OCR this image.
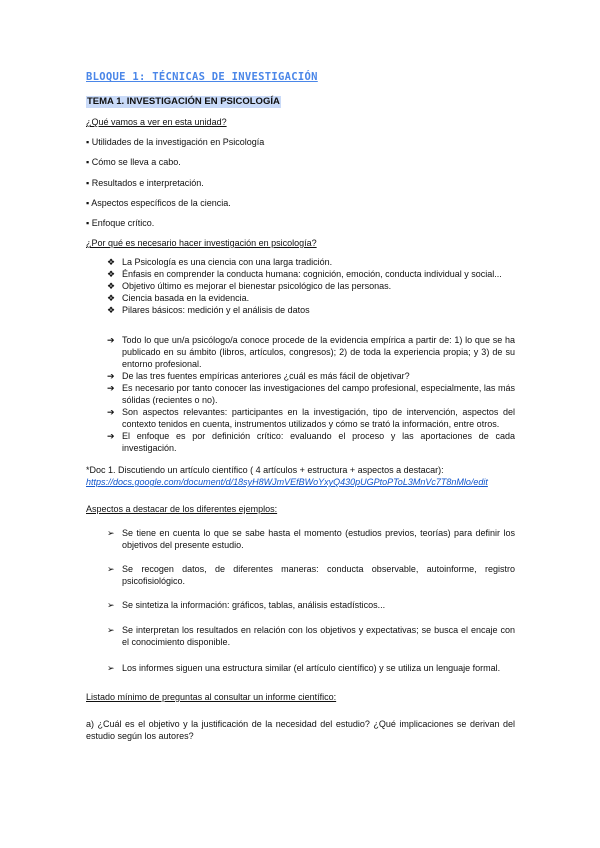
BLOQUE 1: TÉCNICAS DE INVESTIGACIÓN
TEMA 1. INVESTIGACIÓN EN PSICOLOGÍA
¿Qué vamos a ver en esta unidad?
▪ Utilidades de la investigación en Psicología
▪ Cómo se lleva a cabo.
▪ Resultados e interpretación.
▪ Aspectos específicos de la ciencia.
▪ Enfoque crítico.
¿Por qué es necesario hacer investigación en psicología?
❖ La Psicología es una ciencia con una larga tradición.
❖ Énfasis en comprender la conducta humana: cognición, emoción, conducta individual y social...
❖ Objetivo último es mejorar el bienestar psicológico de las personas.
❖ Ciencia basada en la evidencia.
❖ Pilares básicos: medición y el análisis de datos
➔ Todo lo que un/a psicólogo/a conoce procede de la evidencia empírica a partir de: 1) lo que se ha publicado en su ámbito (libros, artículos, congresos); 2) de toda la experiencia propia; y 3) de su entorno profesional.
➔ De las tres fuentes empíricas anteriores ¿cuál es más fácil de objetivar?
➔ Es necesario por tanto conocer las investigaciones del campo profesional, especialmente, las más sólidas (recientes o no).
➔ Son aspectos relevantes: participantes en la investigación, tipo de intervención, aspectos del contexto tenidos en cuenta, instrumentos utilizados y cómo se trató la información, entre otros.
➔ El enfoque es por definición crítico: evaluando el proceso y las aportaciones de cada investigación.
*Doc 1. Discutiendo un artículo científico ( 4 artículos + estructura + aspectos a destacar):
https://docs.google.com/document/d/18syH8WJmVEfBWoYxyQ430pUGPtoPToL3MnVc7T8nMlo/edit
Aspectos a destacar de los diferentes ejemplos:
➢ Se tiene en cuenta lo que se sabe hasta el momento (estudios previos, teorías) para definir los objetivos del presente estudio.
➢ Se recogen datos, de diferentes maneras: conducta observable, autoinforme, registro psicofisiológico.
➢ Se sintetiza la información: gráficos, tablas, análisis estadísticos...
➢ Se interpretan los resultados en relación con los objetivos y expectativas; se busca el encaje con el conocimiento disponible.
➢ Los informes siguen una estructura similar (el artículo científico) y se utiliza un lenguaje formal.
Listado mínimo de preguntas al consultar un informe científico:
a) ¿Cuál es el objetivo y la justificación de la necesidad del estudio? ¿Qué implicaciones se derivan del estudio según los autores?
